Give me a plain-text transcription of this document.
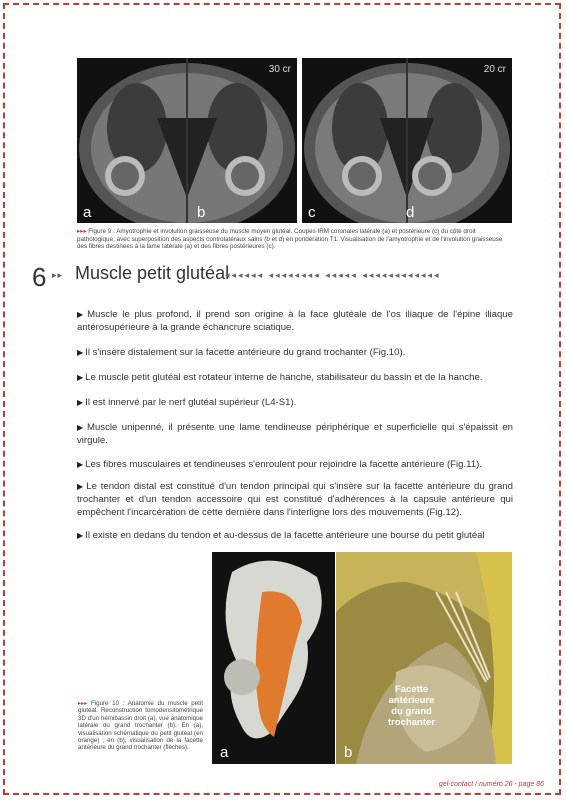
30 cr
a	b
20 cr
c	d
▸▸▸ Figure 9 : Amyotrophie et involution graisseuse du muscle moyen glutéal. Coupes IRM coronales latérale (a) et postérieure (c) du côté droit pathologique, avec superposition des aspects controlatéraux sains (b et d) en pondération T1. Visualisation de l'amyotrophie et de l'involution graisseuse des fibres destinées à la lame latérale (a) et des fibres postérieures (c).
6 ▸▸ Muscle petit glutéal
◂◂◂◂◂◂ ◂◂◂◂◂◂◂◂ ◂◂◂◂◂ ◂◂◂◂◂◂◂◂◂◂◂◂
▶ Muscle le plus profond, il prend son origine à la face glutéale de l'os iliaque de l'épine iliaque antérosupérieure à la grande échancrure sciatique.
▶ Il s'insère distalement sur la facette antérieure du grand trochanter (Fig.10).
▶ Le muscle petit glutéal est rotateur interne de hanche, stabilisateur du bassin et de la hanche.
▶ Il est innervé par le nerf glutéal supérieur (L4-S1).
▶ Muscle unipenné, il présente une lame tendineuse périphérique et superficielle qui s'épaissit en virgule.
▶ Les fibres musculaires et tendineuses s'enroulent pour rejoindre la facette antérieure (Fig.11).
▶ Le tendon distal est constitué d'un tendon principal qui s'insère sur la facette antérieure du grand trochanter et d'un tendon accessoire qui est constitué d'adhérences à la capsule antérieure qui empêchent l'incarcération de cette dernière dans l'interligne lors des mouvements (Fig.12).
▶ Il existe en dedans du tendon et au-dessus de la facette antérieure une bourse du petit glutéal
a
Facette
antérieure
du grand
trochanter
b
▸▸▸ Figure 10 : Anatomie du muscle petit glutéal. Reconstruction tomodensitométrique 3D d'un hémibassin droit (a), vue anatomique latérale du grand trochanter (b). En (a), visualisation schématique du petit glutéal (en orange) ; en (b), visualisation de la facette antérieure du grand trochanter (flèches).
gel-contact / numéro 26 - page 86
